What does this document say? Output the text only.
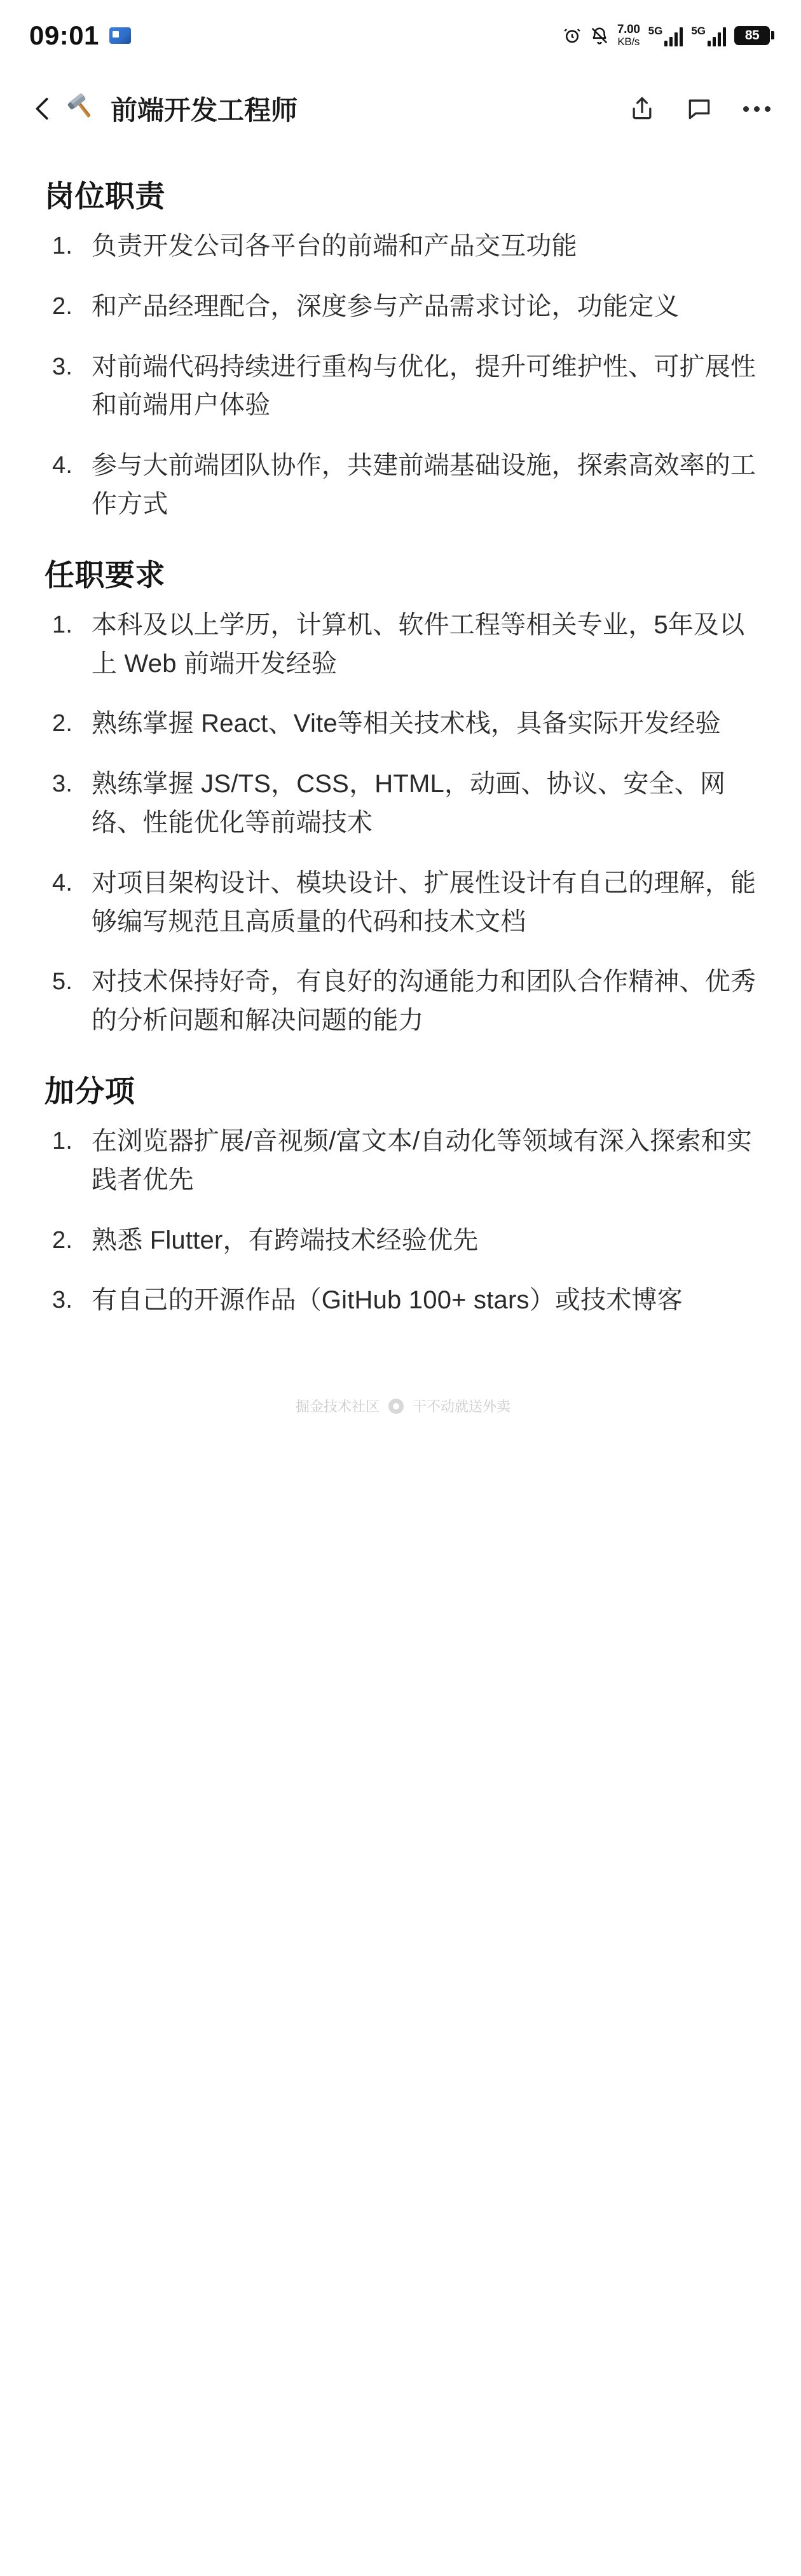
09:01	7.00
KB/s
5G	5G	85
前端开发工程师
岗位职责
负责开发公司各平台的前端和产品交互功能
和产品经理配合，深度参与产品需求讨论，功能定义
对前端代码持续进行重构与优化，提升可维护性、可扩展性和前端用户体验
参与大前端团队协作，共建前端基础设施，探索高效率的工作方式
任职要求
本科及以上学历，计算机、软件工程等相关专业，5年及以上 Web 前端开发经验
熟练掌握 React、Vite等相关技术栈，具备实际开发经验
熟练掌握 JS/TS，CSS，HTML，动画、协议、安全、网络、性能优化等前端技术
对项目架构设计、模块设计、扩展性设计有自己的理解，能够编写规范且高质量的代码和技术文档
对技术保持好奇，有良好的沟通能力和团队合作精神、优秀的分析问题和解决问题的能力
加分项
在浏览器扩展/音视频/富文本/自动化等领域有深入探索和实践者优先
熟悉 Flutter，有跨端技术经验优先
有自己的开源作品（GitHub 100+ stars）或技术博客
掘金技术社区 干不动就送外卖
